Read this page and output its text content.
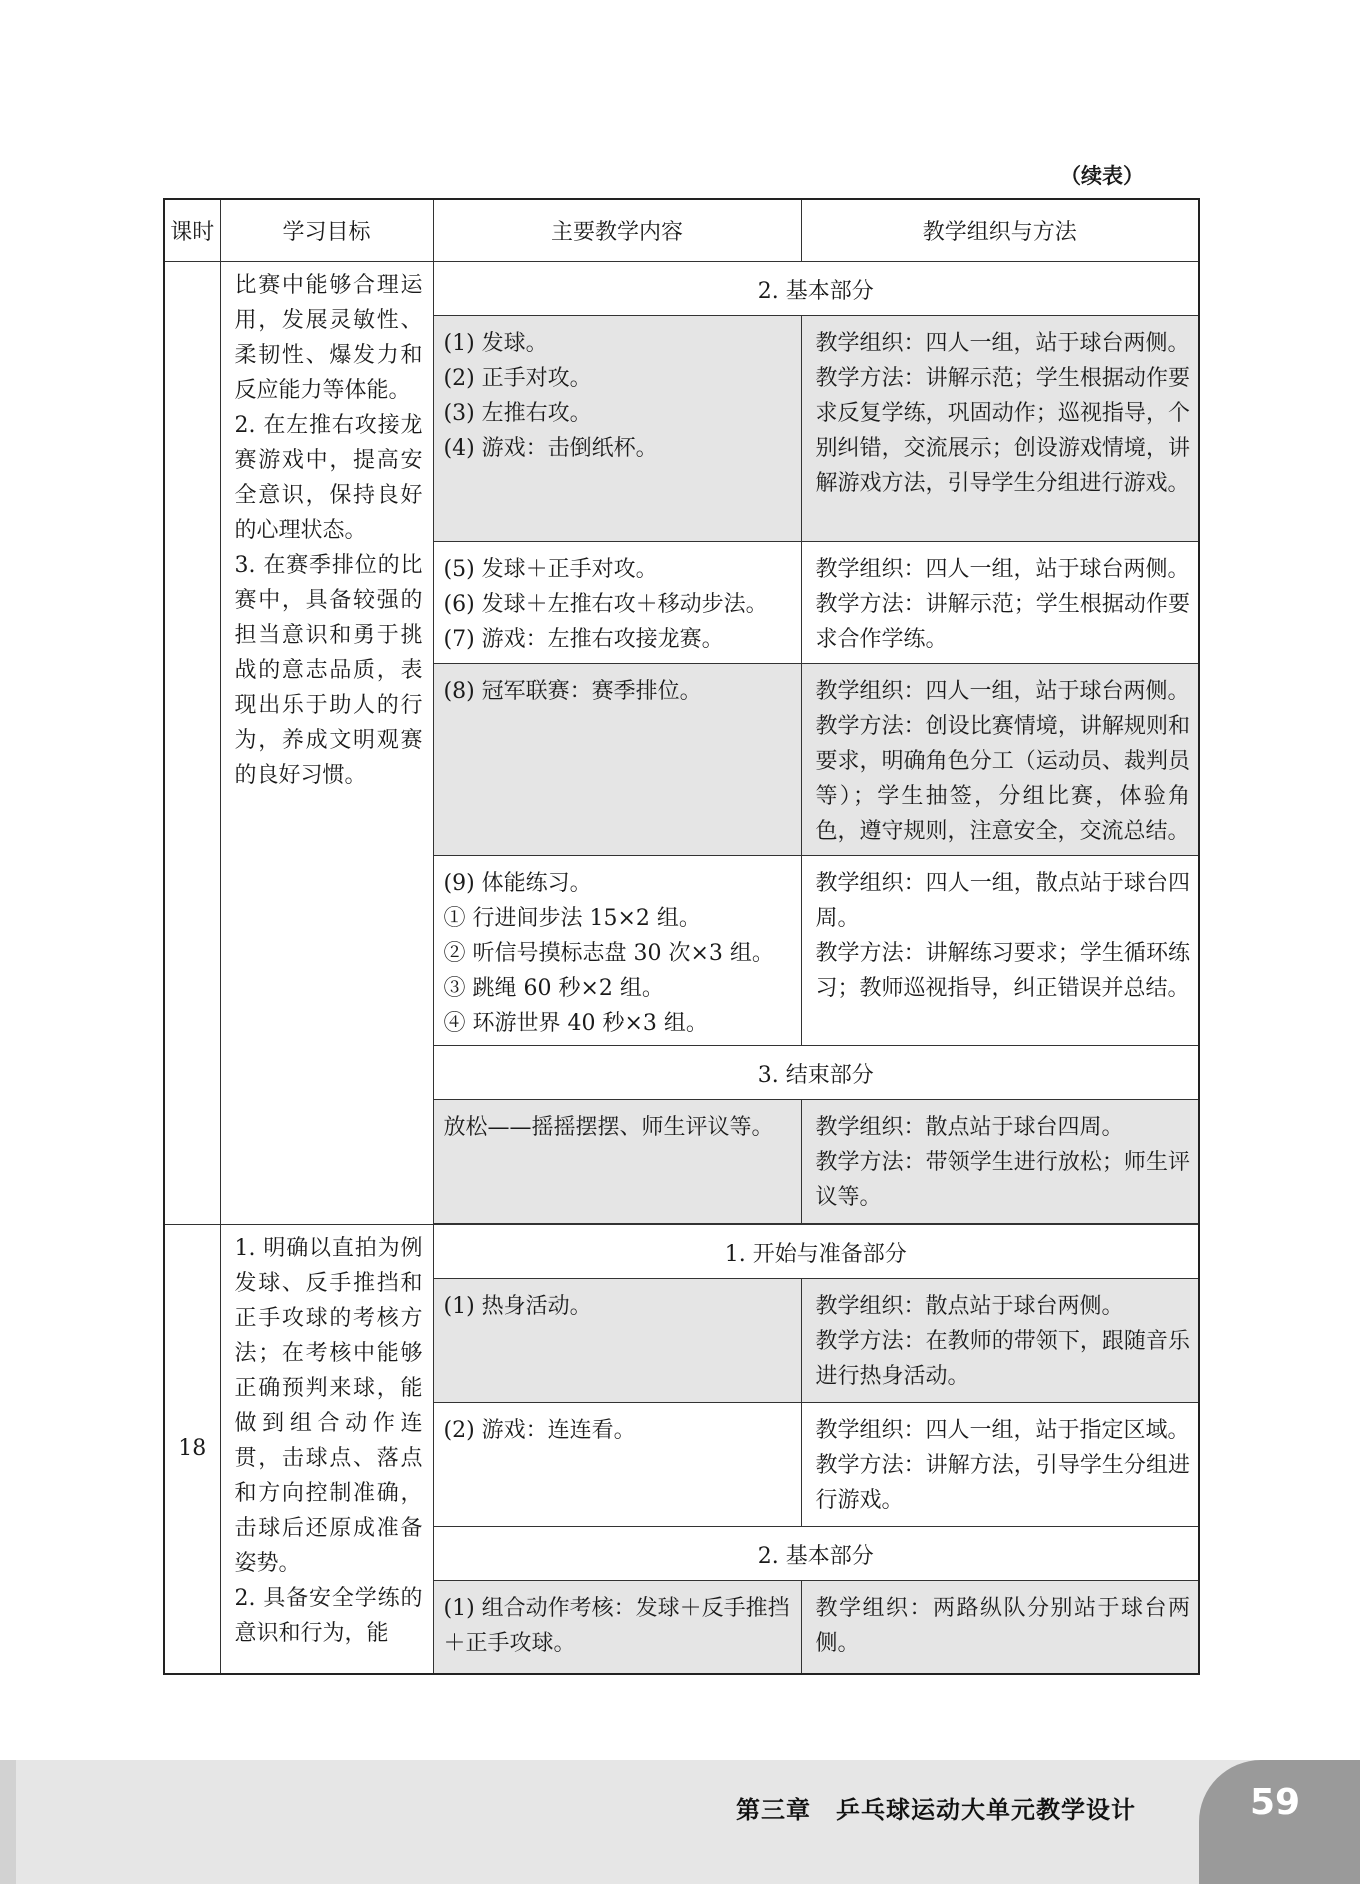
（续表）
课时	学习目标	主要教学内容	教学组织与方法

	比赛中能够合理运用，发展灵敏性、柔韧性、爆发力和反应能力等体能。
2. 在左推右攻接龙赛游戏中，提高安全意识，保持良好的心理状态。
3. 在赛季排位的比赛中，具备较强的担当意识和勇于挑战的意志品质，表现出乐于助人的行为，养成文明观赛的良好习惯。	2. 基本部分	

		(1) 发球。
(2) 正手对攻。
(3) 左推右攻。
(4) 游戏：击倒纸杯。	教学组织：四人一组，站于球台两侧。
教学方法：讲解示范；学生根据动作要求反复学练，巩固动作；巡视指导，个别纠错，交流展示；创设游戏情境，讲解游戏方法，引导学生分组进行游戏。

		(5) 发球＋正手对攻。
(6) 发球＋左推右攻＋移动步法。
(7) 游戏：左推右攻接龙赛。	教学组织：四人一组，站于球台两侧。
教学方法：讲解示范；学生根据动作要求合作学练。

		(8) 冠军联赛：赛季排位。	教学组织：四人一组，站于球台两侧。
教学方法：创设比赛情境，讲解规则和要求，明确角色分工（运动员、裁判员等）；学生抽签，分组比赛，体验角色，遵守规则，注意安全，交流总结。

		(9) 体能练习。
① 行进间步法 15×2 组。
② 听信号摸标志盘 30 次×3 组。
③ 跳绳 60 秒×2 组。
④ 环游世界 40 秒×3 组。	教学组织：四人一组，散点站于球台四周。
教学方法：讲解练习要求；学生循环练习；教师巡视指导，纠正错误并总结。

		3. 结束部分	

		放松——摇摇摆摆、师生评议等。	教学组织：散点站于球台四周。
教学方法：带领学生进行放松；师生评议等。

18	1. 明确以直拍为例发球、反手推挡和正手攻球的考核方法；在考核中能够正确预判来球，能做到组合动作连贯，击球点、落点和方向控制准确，击球后还原成准备姿势。
2. 具备安全学练的意识和行为，能	1. 开始与准备部分	

		(1) 热身活动。	教学组织：散点站于球台两侧。
教学方法：在教师的带领下，跟随音乐进行热身活动。

		(2) 游戏：连连看。	教学组织：四人一组，站于指定区域。
教学方法：讲解方法，引导学生分组进行游戏。

		2. 基本部分	

		(1) 组合动作考核：发球＋反手推挡＋正手攻球。	教学组织：两路纵队分别站于球台两侧。
第三章　乒乓球运动大单元教学设计	59
